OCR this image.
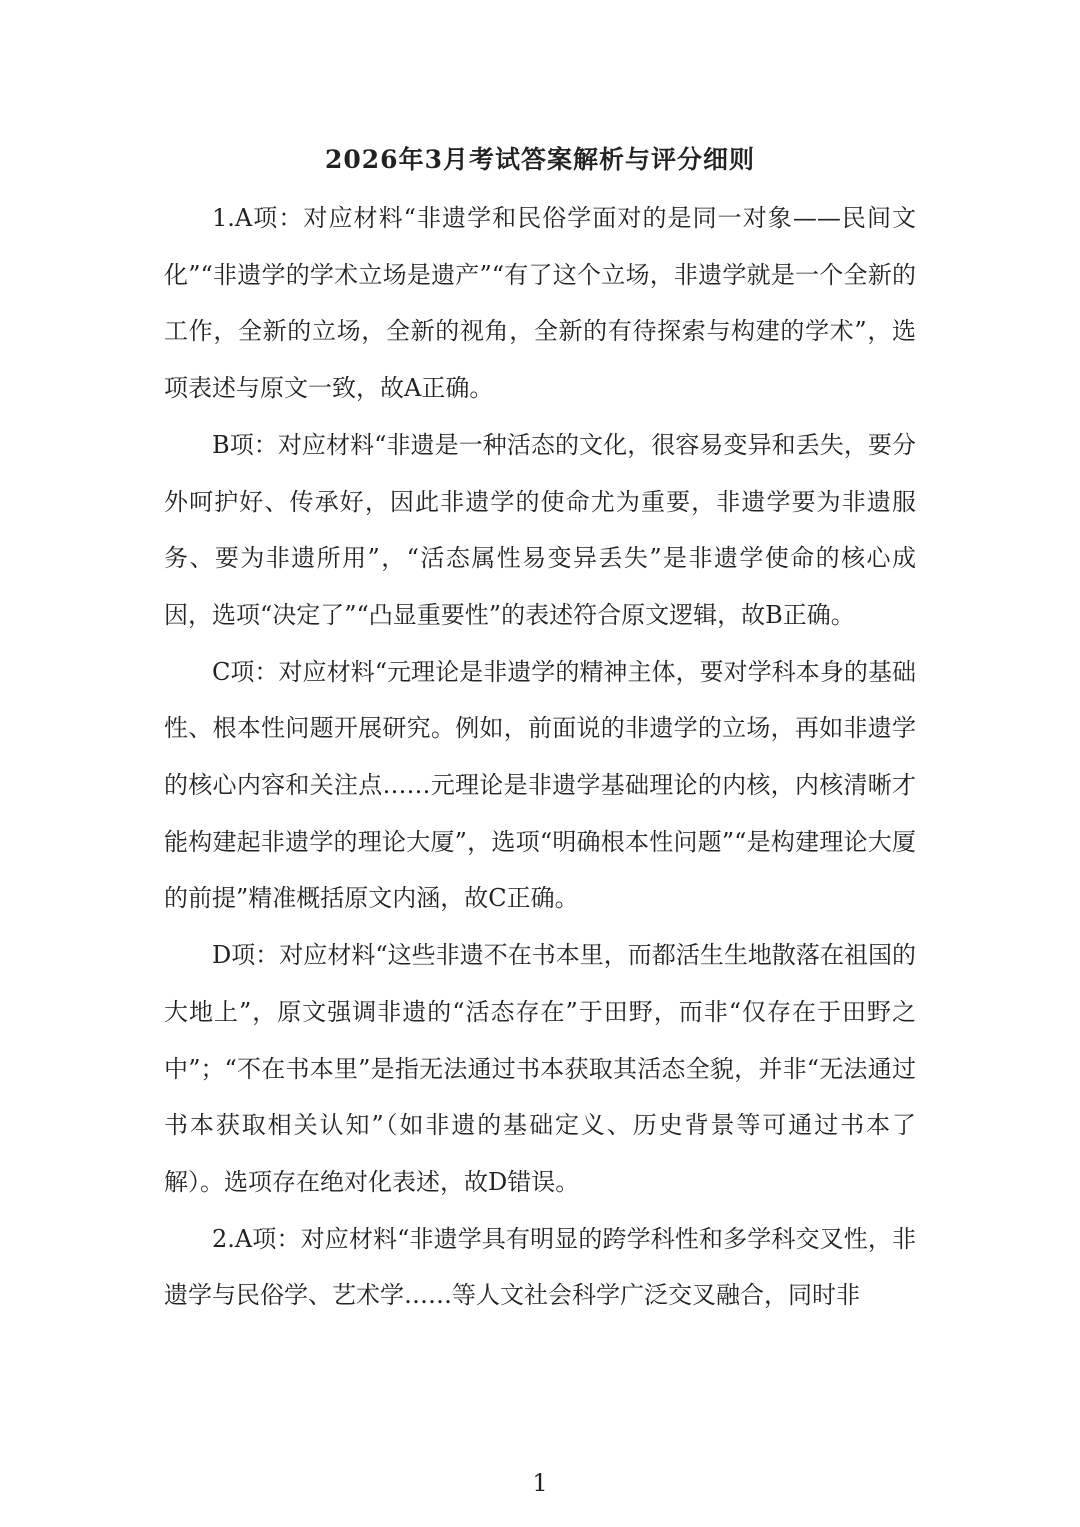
2026年3月考试答案解析与评分细则

1.A项：对应材料“非遗学和民俗学面对的是同一对象——民间文化”“非遗学的学术立场是遗产”“有了这个立场，非遗学就是一个全新的工作，全新的立场，全新的视角，全新的有待探索与构建的学术”，选项表述与原文一致，故A正确。

B项：对应材料“非遗是一种活态的文化，很容易变异和丢失，要分外呵护好、传承好，因此非遗学的使命尤为重要，非遗学要为非遗服务、要为非遗所用”，“活态属性易变异丢失”是非遗学使命的核心成因，选项“决定了”“凸显重要性”的表述符合原文逻辑，故B正确。

C项：对应材料“元理论是非遗学的精神主体，要对学科本身的基础性、根本性问题开展研究。例如，前面说的非遗学的立场，再如非遗学的核心内容和关注点……元理论是非遗学基础理论的内核，内核清晰才能构建起非遗学的理论大厦”，选项“明确根本性问题”“是构建理论大厦的前提”精准概括原文内涵，故C正确。

D项：对应材料“这些非遗不在书本里，而都活生生地散落在祖国的大地上”，原文强调非遗的“活态存在”于田野，而非“仅存在于田野之中”；“不在书本里”是指无法通过书本获取其活态全貌，并非“无法通过书本获取相关认知”（如非遗的基础定义、历史背景等可通过书本了解）。选项存在绝对化表述，故D错误。

2.A项：对应材料“非遗学具有明显的跨学科性和多学科交叉性，非遗学与民俗学、艺术学……等人文社会科学广泛交叉融合，同时非

1
